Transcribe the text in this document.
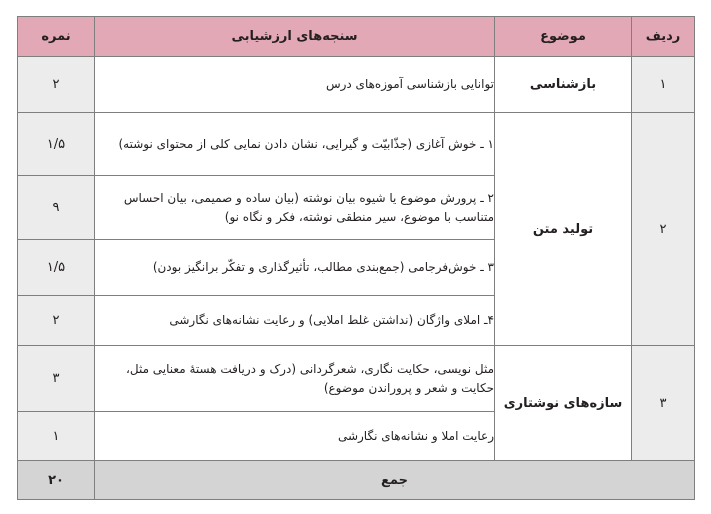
ردیف	موضوع	سنجه‌های ارزشیابی	نمره
۱	بازشناسی	توانایی بازشناسی آموزه‌های درس	۲
۲	تولید متن	۱ ـ خوش آغازی (جذّابیّت و گیرایی، نشان دادن نمایی کلی از محتوای نوشته)	۱/۵
		۲ ـ پرورش موضوع یا شیوه بیان نوشته (بیان ساده و صمیمی، بیان احساس متناسب با موضوع، سیر منطقی نوشته، فکر و نگاه نو)	۹
		۳ ـ خوش‌فرجامی (جمع‌بندی مطالب، تأثیرگذاری و تفکّر برانگیز بودن)	۱/۵
		۴ـ املای واژگان (نداشتن غلط املایی) و رعایت نشانه‌های نگارشی	۲
۳	سازه‌های نوشتاری	مثل نویسی، حکایت نگاری، شعرگردانی (درک و دریافت هستهٔ معنایی مثل، حکایت و شعر و پروراندن موضوع)	۳
		رعایت املا و نشانه‌های نگارشی	۱
جمع			۲۰
